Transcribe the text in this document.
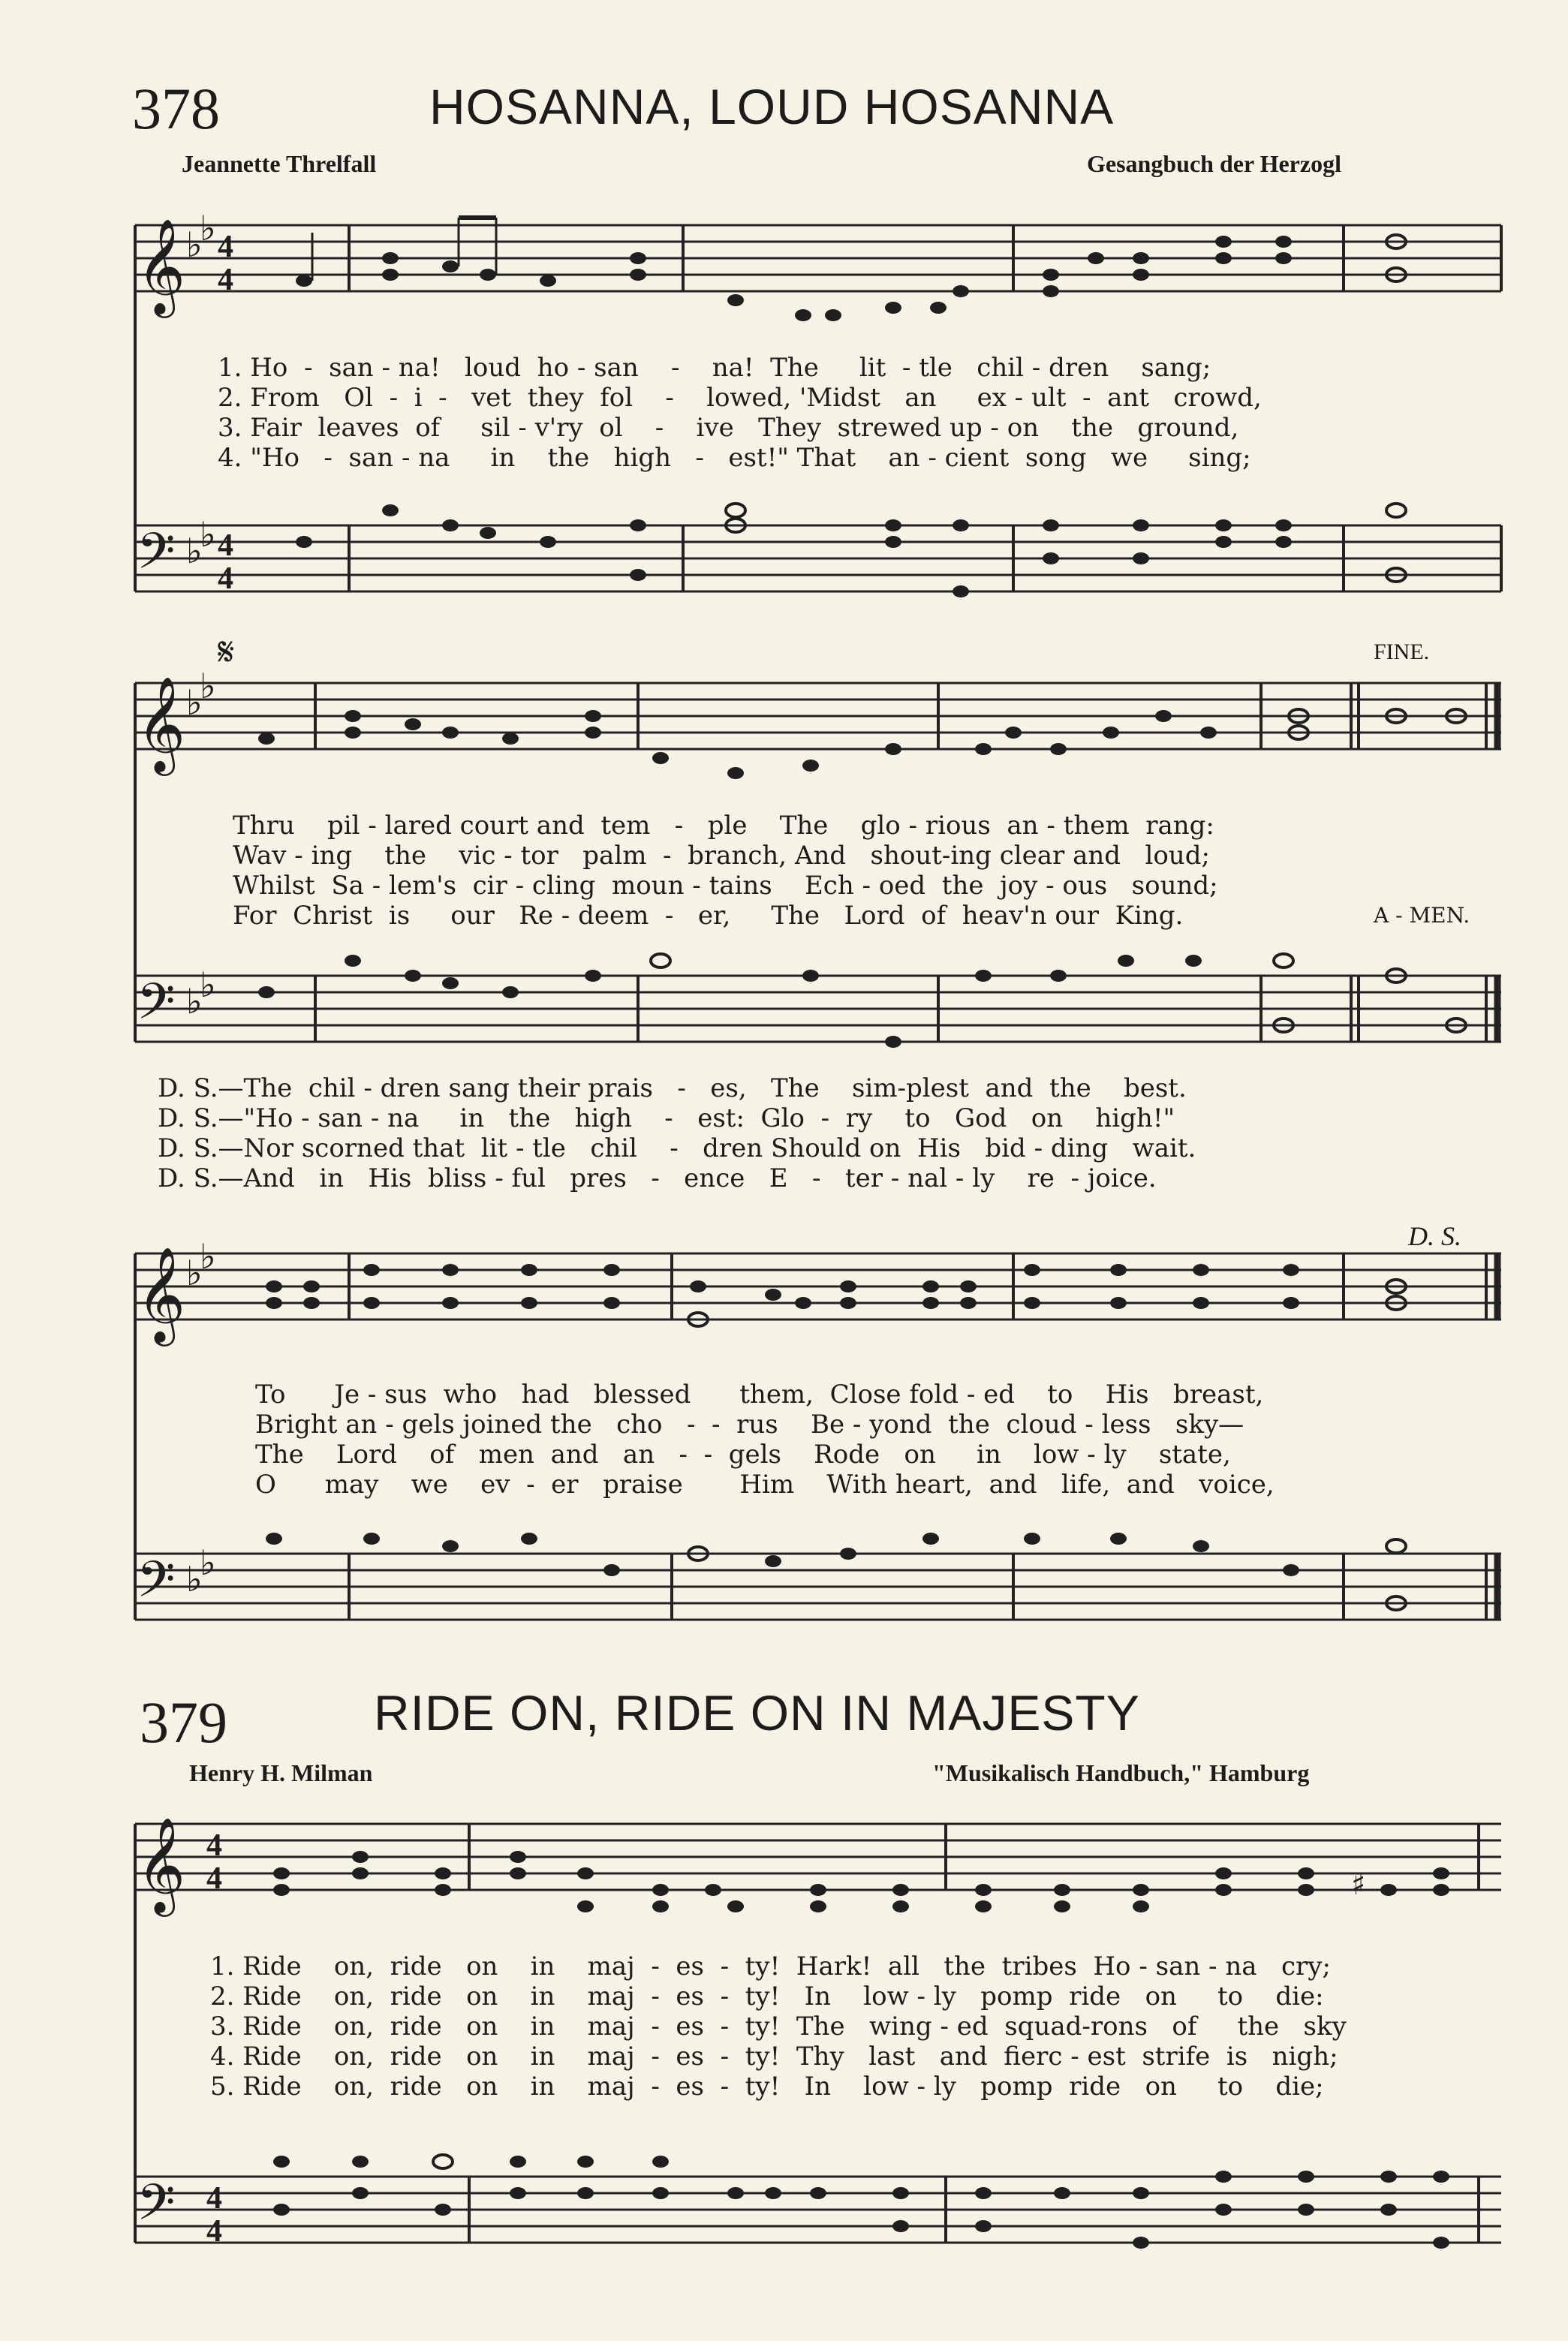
378	HOSANNA, LOUD HOSANNA
Jeannette Threlfall	Gesangbuch der Herzogl
𝄞 ♭
♭ 4
4
𝄢 ♭
♭ 4
4
1. Ho  -  san - na!   loud  ho - san    -    na!  The     lit  - tle   chil - dren    sang;
2. From   Ol  -  i  -   vet  they  fol    -    lowed, 'Midst   an     ex - ult  -  ant   crowd,
3. Fair  leaves  of     sil - v'ry  ol    -    ive   They  strewed up - on    the   ground,
4. "Ho   -  san - na     in    the   high   -   est!" That    an - cient  song   we     sing;
𝄋	FINE.
𝄞 ♭
♭
𝄢 ♭
♭
Thru    pil - lared court and  tem   -   ple    The    glo - rious  an - them  rang:
Wav - ing    the    vic - tor   palm  -  branch, And   shout-ing clear and   loud;
Whilst  Sa - lem's  cir - cling  moun - tains    Ech - oed  the  joy - ous   sound;
For  Christ  is     our   Re - deem  -   er,     The   Lord  of  heav'n our  King.	A - MEN.
D. S.—The  chil - dren sang their prais   -   es,   The    sim-plest  and  the    best.
D. S.—"Ho - san - na     in   the   high    -   est:  Glo  -  ry    to   God   on    high!"
D. S.—Nor scorned that  lit - tle   chil    -   dren Should on  His   bid - ding   wait.
D. S.—And   in   His  bliss - ful   pres   -   ence   E   -   ter - nal - ly    re  - joice.
D. S.
𝄞 ♭
♭
𝄢 ♭
♭
To      Je - sus  who   had   blessed      them,  Close fold - ed    to    His   breast,
Bright an - gels joined the   cho   -  -  rus    Be - yond  the  cloud - less   sky—
The    Lord    of   men  and   an   -  -  gels    Rode   on     in    low - ly    state,
O      may    we    ev  -  er   praise       Him    With heart,  and   life,  and   voice,
379	RIDE ON, RIDE ON IN MAJESTY
Henry H. Milman	"Musikalisch Handbuch," Hamburg
𝄞 4
4
𝄢 4
4
♯
1. Ride    on,  ride   on    in    maj  -  es  -  ty!  Hark!  all   the  tribes  Ho - san - na   cry;
2. Ride    on,  ride   on    in    maj  -  es  -  ty!   In    low - ly   pomp  ride   on     to    die:
3. Ride    on,  ride   on    in    maj  -  es  -  ty!  The   wing - ed  squad-rons   of     the   sky
4. Ride    on,  ride   on    in    maj  -  es  -  ty!  Thy   last   and  fierc - est  strife  is   nigh;
5. Ride    on,  ride   on    in    maj  -  es  -  ty!   In    low - ly   pomp  ride   on     to    die;
